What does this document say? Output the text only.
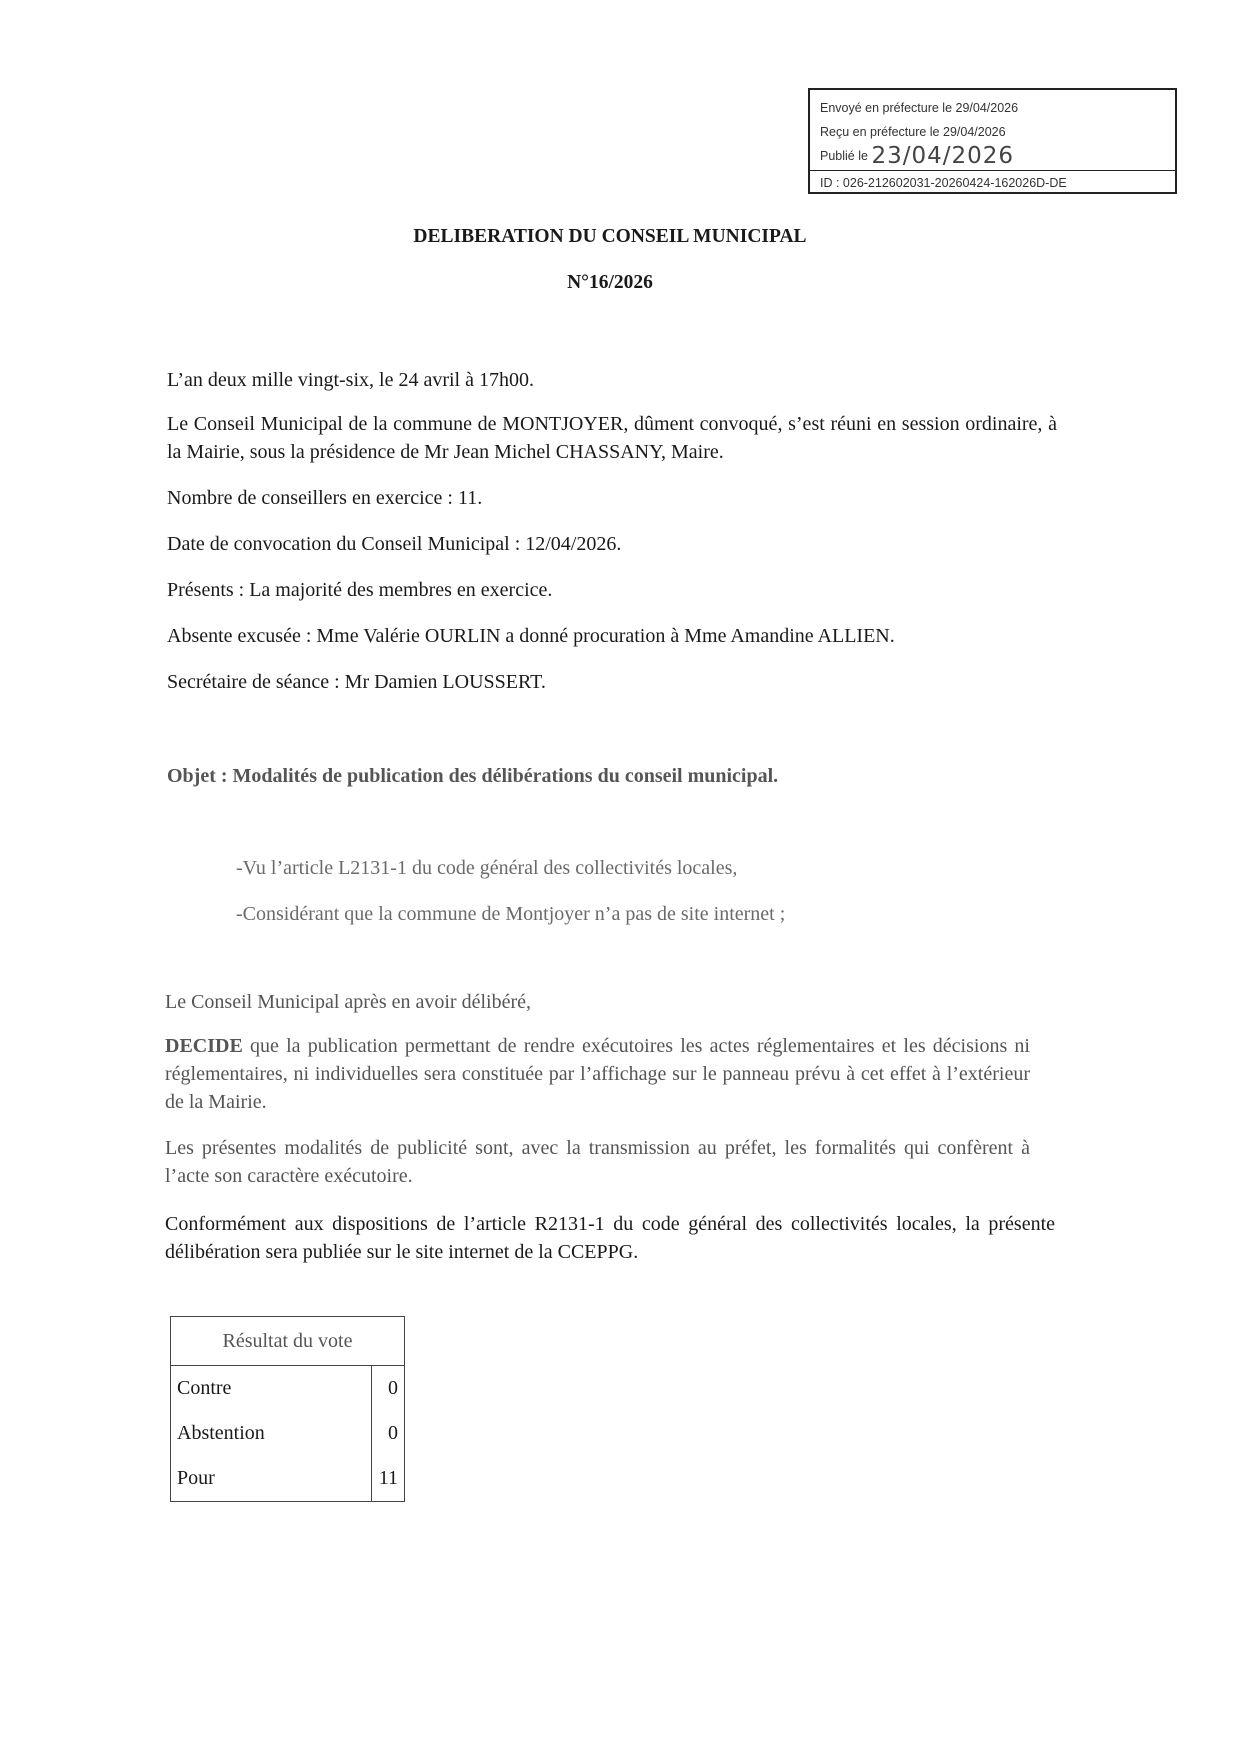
Envoyé en préfecture le 29/04/2026
Reçu en préfecture le 29/04/2026
Publié le 23/04/2026
ID : 026-212602031-20260424-162026D-DE
DELIBERATION DU CONSEIL MUNICIPAL
N°16/2026
L’an deux mille vingt-six, le 24 avril à 17h00.
Le Conseil Municipal de la commune de MONTJOYER, dûment convoqué, s’est réuni en session ordinaire, à la Mairie, sous la présidence de Mr Jean Michel CHASSANY, Maire.
Nombre de conseillers en exercice : 11.
Date de convocation du Conseil Municipal : 12/04/2026.
Présents : La majorité des membres en exercice.
Absente excusée : Mme Valérie OURLIN a donné procuration à Mme Amandine ALLIEN.
Secrétaire de séance : Mr Damien LOUSSERT.
Objet : Modalités de publication des délibérations du conseil municipal.
-Vu l’article L2131-1 du code général des collectivités locales,
-Considérant que la commune de Montjoyer n’a pas de site internet ;
Le Conseil Municipal après en avoir délibéré,
DECIDE que la publication permettant de rendre exécutoires les actes réglementaires et les décisions ni réglementaires, ni individuelles sera constituée par l’affichage sur le panneau prévu à cet effet à l’extérieur de la Mairie.
Les présentes modalités de publicité sont, avec la transmission au préfet, les formalités qui confèrent à l’acte son caractère exécutoire.
Conformément aux dispositions de l’article R2131-1 du code général des collectivités locales, la présente délibération sera publiée sur le site internet de la CCEPPG.
Résultat du vote	
Contre	0
Abstention	0
Pour	11
